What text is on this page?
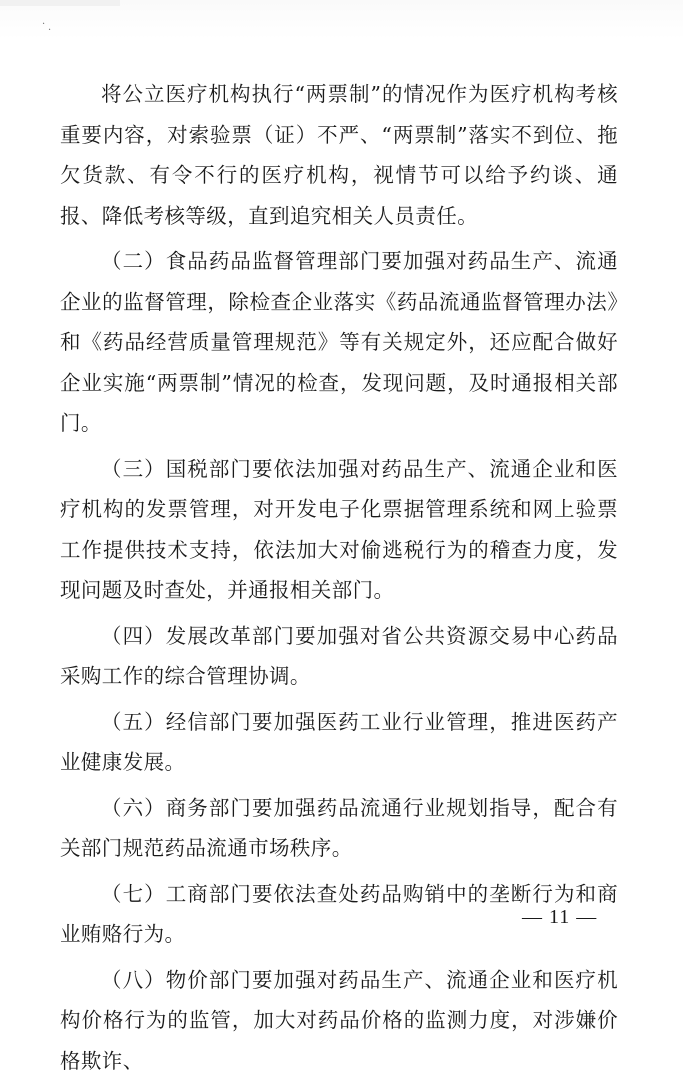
·
·

将公立医疗机构执行“两票制”的情况作为医疗机构考核重要内容，对索验票（证）不严、“两票制”落实不到位、拖欠货款、有令不行的医疗机构，视情节可以给予约谈、通报、降低考核等级，直到追究相关人员责任。

（二）食品药品监督管理部门要加强对药品生产、流通企业的监督管理，除检查企业落实《药品流通监督管理办法》和《药品经营质量管理规范》等有关规定外，还应配合做好企业实施“两票制”情况的检查，发现问题，及时通报相关部门。

（三）国税部门要依法加强对药品生产、流通企业和医疗机构的发票管理，对开发电子化票据管理系统和网上验票工作提供技术支持，依法加大对偷逃税行为的稽查力度，发现问题及时查处，并通报相关部门。

（四）发展改革部门要加强对省公共资源交易中心药品采购工作的综合管理协调。

（五）经信部门要加强医药工业行业管理，推进医药产业健康发展。

（六）商务部门要加强药品流通行业规划指导，配合有关部门规范药品流通市场秩序。

（七）工商部门要依法查处药品购销中的垄断行为和商业贿赂行为。

（八）物价部门要加强对药品生产、流通企业和医疗机构价格行为的监管，加大对药品价格的监测力度，对涉嫌价格欺诈、

— 11 —
